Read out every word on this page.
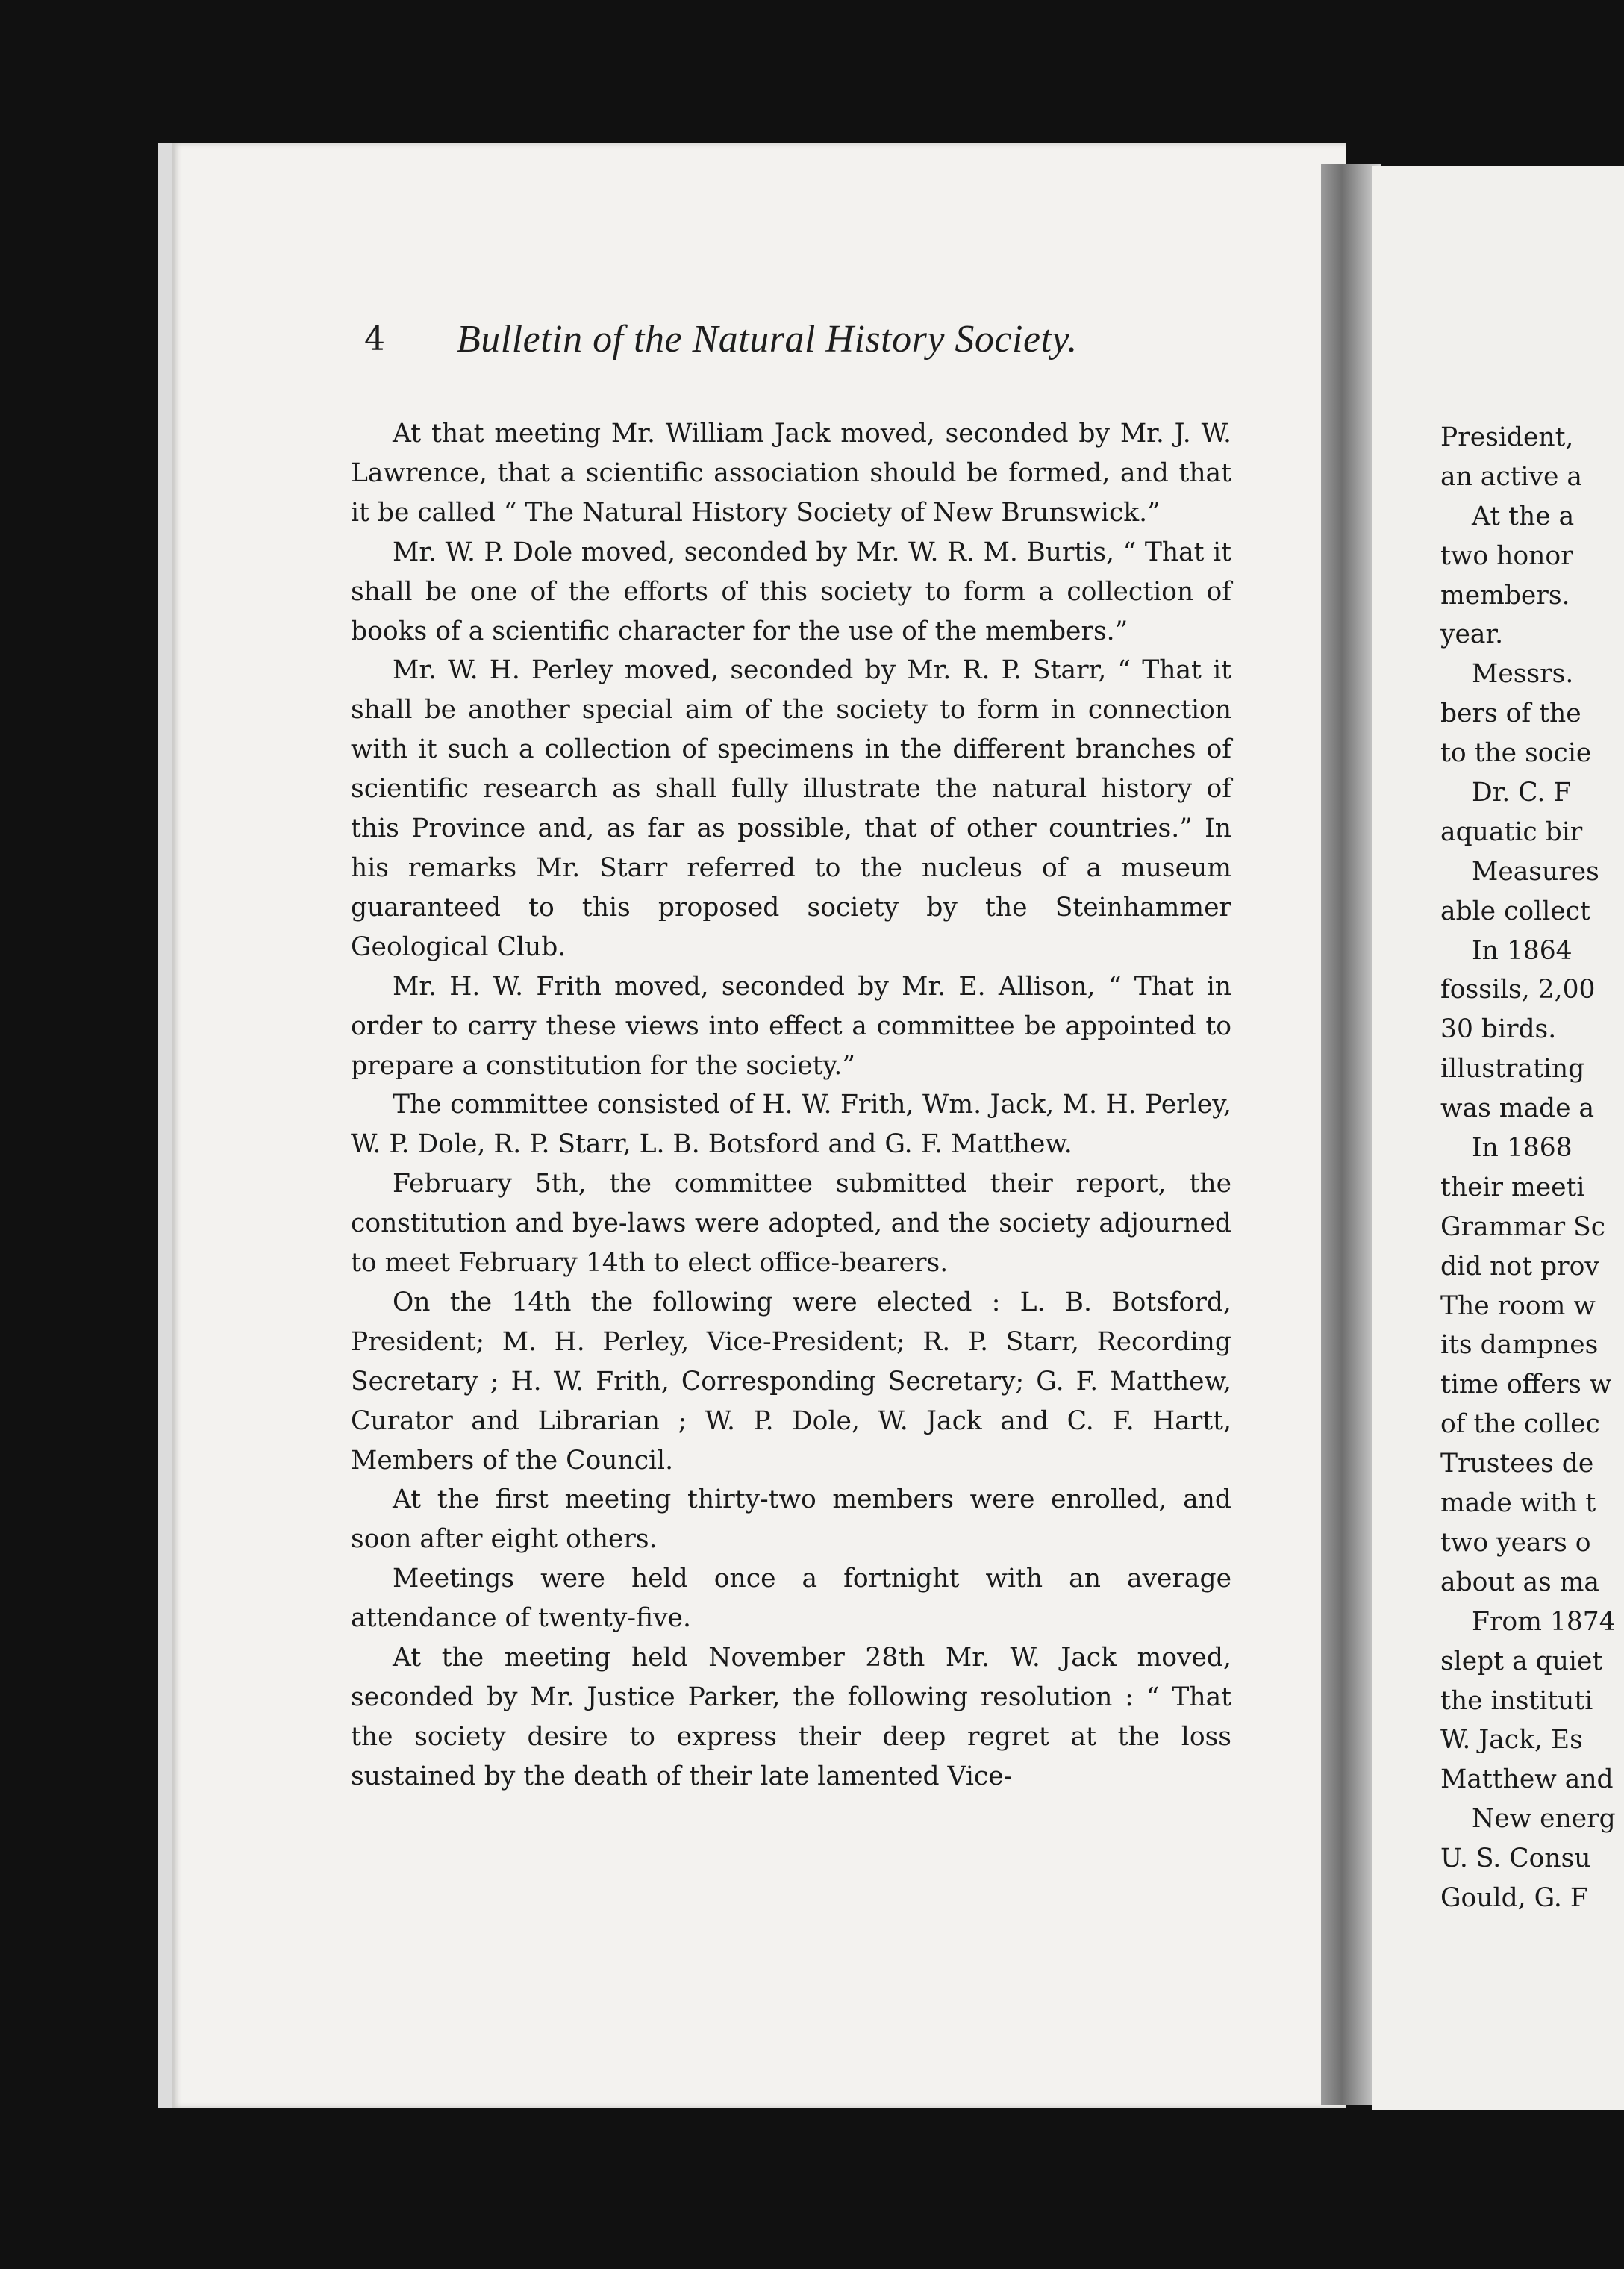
4 Bulletin of the Natural History Society.

At that meeting Mr. William Jack moved, seconded by Mr. J. W. Lawrence, that a scientific association should be formed, and that it be called “ The Natural History Society of New Brunswick.”

Mr. W. P. Dole moved, seconded by Mr. W. R. M. Burtis, “ That it shall be one of the efforts of this society to form a collection of books of a scientific character for the use of the members.”

Mr. W. H. Perley moved, seconded by Mr. R. P. Starr, “ That it shall be another special aim of the society to form in connection with it such a collection of specimens in the different branches of scientific research as shall fully illustrate the natural history of this Province and, as far as possible, that of other countries.” In his remarks Mr. Starr referred to the nucleus of a museum guaranteed to this proposed society by the Steinhammer Geological Club.

Mr. H. W. Frith moved, seconded by Mr. E. Allison, “ That in order to carry these views into effect a committee be appointed to prepare a constitution for the society.”

The committee consisted of H. W. Frith, Wm. Jack, M. H. Perley, W. P. Dole, R. P. Starr, L. B. Botsford and G. F. Matthew.

February 5th, the committee submitted their report, the constitution and bye-laws were adopted, and the society adjourned to meet February 14th to elect office-bearers.

On the 14th the following were elected : L. B. Botsford, President; M. H. Perley, Vice-President; R. P. Starr, Recording Secretary ; H. W. Frith, Corresponding Secretary; G. F. Matthew, Curator and Librarian ; W. P. Dole, W. Jack and C. F. Hartt, Members of the Council.

At the first meeting thirty-two members were enrolled, and soon after eight others.

Meetings were held once a fortnight with an average attendance of twenty-five.

At the meeting held November 28th Mr. W. Jack moved, seconded by Mr. Justice Parker, the following resolution : “ That the society desire to express their deep regret at the loss sustained by the death of their late lamented Vice-

President,
an active a
At the a
two honor
members.
year.
Messrs.
bers of the
to the socie
Dr. C. F
aquatic bir
Measures
able collect
In 1864
fossils, 2,00
30 birds.
illustrating
was made a
In 1868
their meeti
Grammar Sc
did not prov
The room w
its dampnes
time offers w
of the collec
Trustees de
made with t
two years o
about as ma
From 1874
slept a quiet
the instituti
W. Jack, Es
Matthew and
New energ
U. S. Consu
Gould, G. F
